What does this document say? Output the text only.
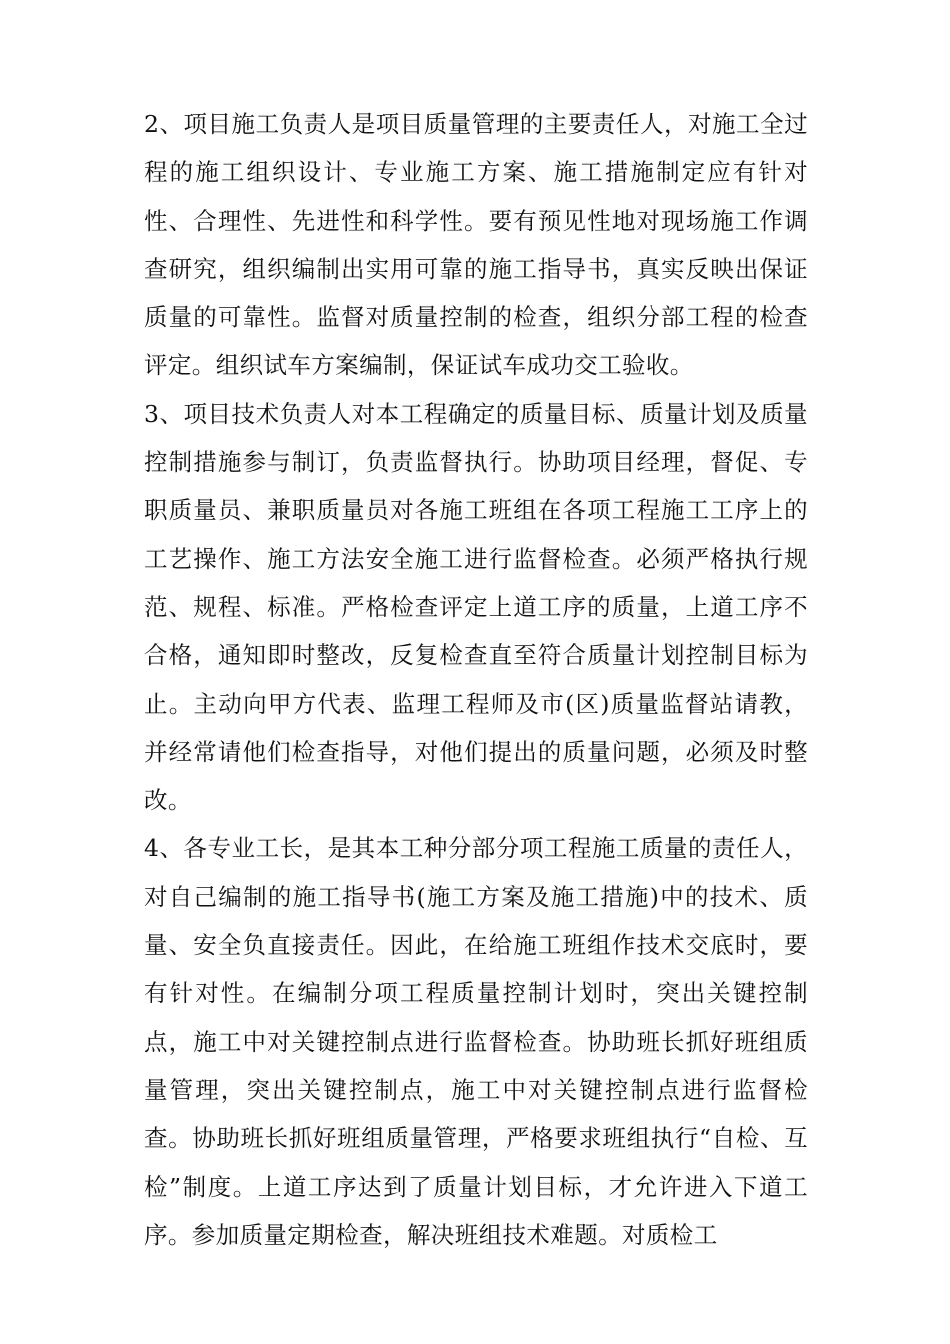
2、项目施工负责人是项目质量管理的主要责任人，对施工全过程的施工组织设计、专业施工方案、施工措施制定应有针对性、合理性、先进性和科学性。要有预见性地对现场施工作调查研究，组织编制出实用可靠的施工指导书，真实反映出保证质量的可靠性。监督对质量控制的检查，组织分部工程的检查评定。组织试车方案编制，保证试车成功交工验收。

3、项目技术负责人对本工程确定的质量目标、质量计划及质量控制措施参与制订，负责监督执行。协助项目经理，督促、专职质量员、兼职质量员对各施工班组在各项工程施工工序上的工艺操作、施工方法安全施工进行监督检查。必须严格执行规范、规程、标准。严格检查评定上道工序的质量，上道工序不合格，通知即时整改，反复检查直至符合质量计划控制目标为止。主动向甲方代表、监理工程师及市(区)质量监督站请教，并经常请他们检查指导，对他们提出的质量问题，必须及时整改。

4、各专业工长，是其本工种分部分项工程施工质量的责任人，对自己编制的施工指导书(施工方案及施工措施)中的技术、质量、安全负直接责任。因此，在给施工班组作技术交底时，要有针对性。在编制分项工程质量控制计划时，突出关键控制点，施工中对关键控制点进行监督检查。协助班长抓好班组质量管理，突出关键控制点，施工中对关键控制点进行监督检查。协助班长抓好班组质量管理，严格要求班组执行“自检、互检”制度。上道工序达到了质量计划目标，才允许进入下道工序。参加质量定期检查，解决班组技术难题。对质检工
